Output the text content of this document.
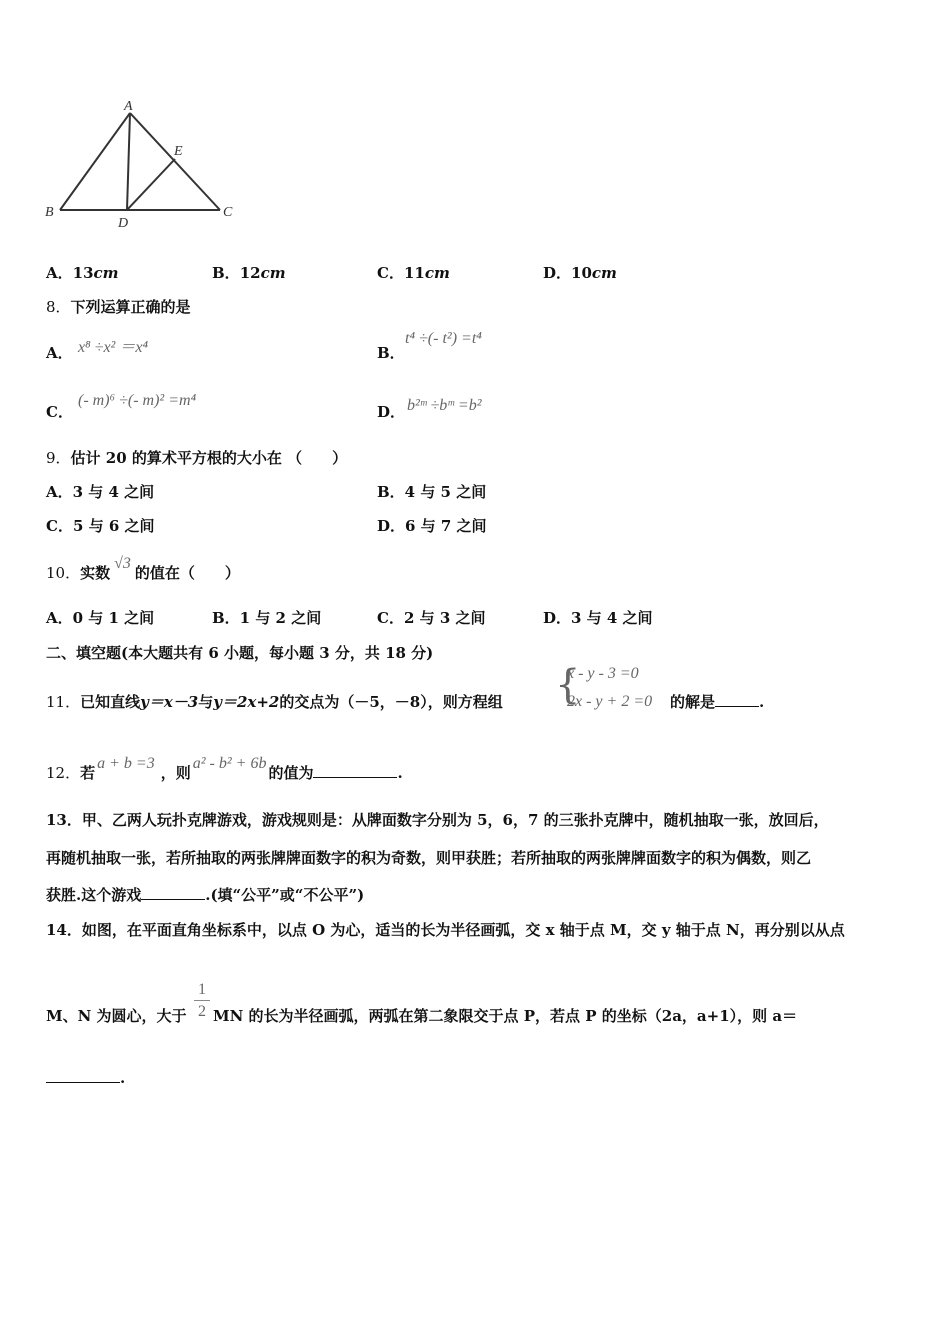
A
B	C
D
E
A．13cm	B．12cm	C．11cm	D．10cm
8．下列运算正确的是
A． x⁸ ÷x² ＝x⁴	B．
t⁴ ÷(- t²) =t⁴
C．
(- m)⁶ ÷(- m)² =m⁴
D． b²ᵐ ÷bᵐ =b²
9．估计 20 的算术平方根的大小在 （　　）
A．3 与 4 之间	B．4 与 5 之间
C．5 与 6 之间	D．6 与 7 之间
10．实数√3的值在（　　）
A．0 与 1 之间	B．1 与 2 之间	C．2 与 3 之间	D．3 与 4 之间
二、填空题(本大题共有 6 小题，每小题 3 分，共 18 分)
11．已知直线y＝x－3与y＝2x+2的交点为（－5，－8），则方程组 {
x - y - 3 =0
2x - y + 2 =0 的解是	.
12．若a + b =3，则a² - b² + 6b的值为	.
13．甲、乙两人玩扑克牌游戏，游戏规则是：从牌面数字分别为 5，6，7 的三张扑克牌中，随机抽取一张，放回后，
再随机抽取一张，若所抽取的两张牌牌面数字的积为奇数，则甲获胜；若所抽取的两张牌牌面数字的积为偶数，则乙
获胜.这个游戏	.(填“公平”或“不公平”)
14．如图，在平面直角坐标系中，以点 O 为心，适当的长为半径画弧，交 x 轴于点 M，交 y 轴于点 N，再分别以从点
M、N 为圆心，大于 $\frac{1}{2}$ MN 的长为半径画弧，两弧在第二象限交于点 P，若点 P 的坐标（2a，a+1），则 a＝
.
